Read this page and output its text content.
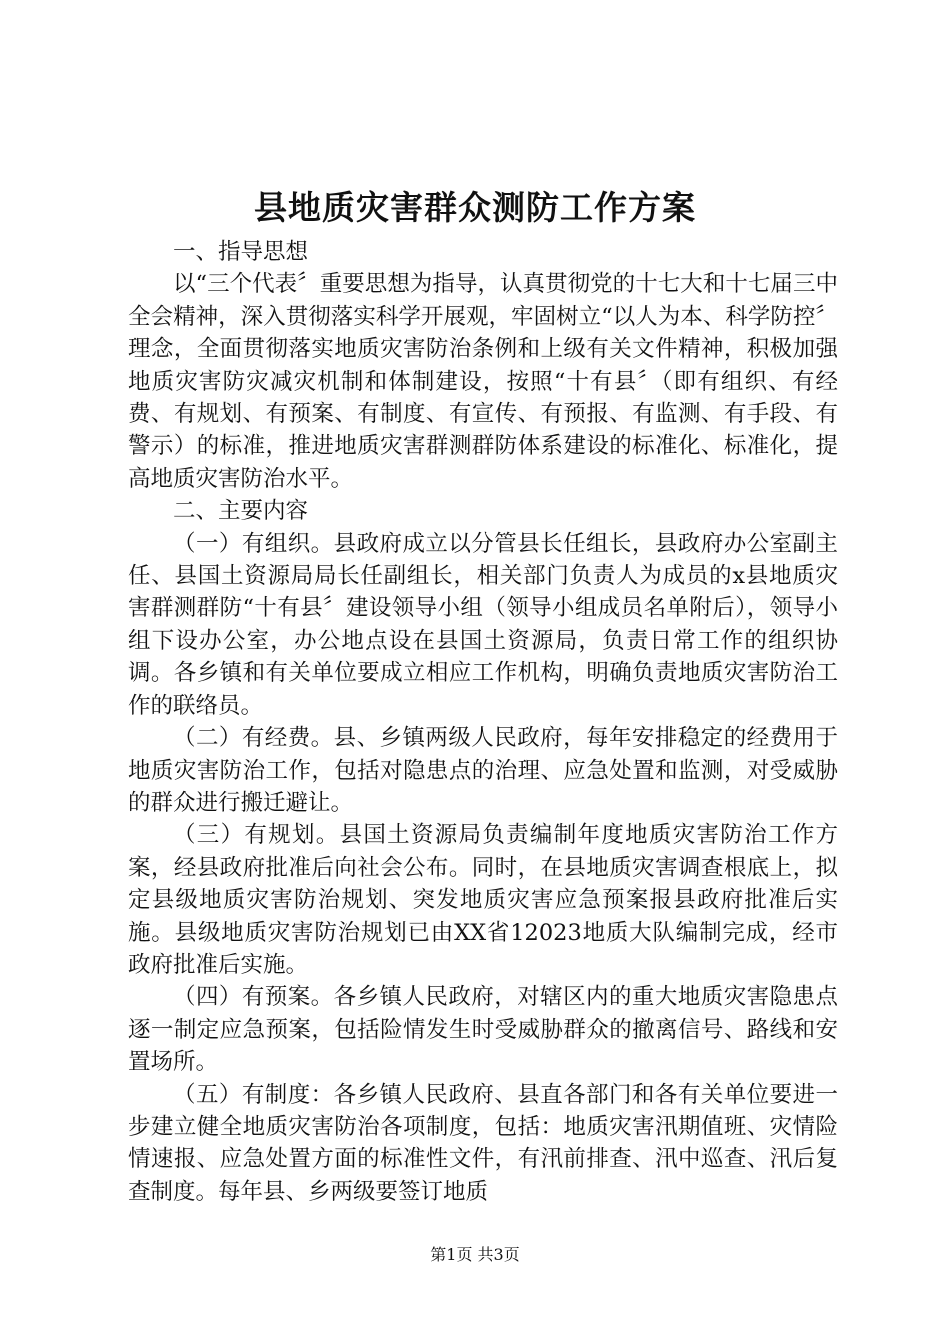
县地质灾害群众测防工作方案

一、指导思想

以“三个代表〞重要思想为指导，认真贯彻党的十七大和十七届三中全会精神，深入贯彻落实科学开展观，牢固树立“以人为本、科学防控〞理念，全面贯彻落实地质灾害防治条例和上级有关文件精神，积极加强地质灾害防灾减灾机制和体制建设，按照“十有县〞（即有组织、有经费、有规划、有预案、有制度、有宣传、有预报、有监测、有手段、有警示）的标准，推进地质灾害群测群防体系建设的标准化、标准化，提高地质灾害防治水平。

二、主要内容

（一）有组织。县政府成立以分管县长任组长，县政府办公室副主任、县国土资源局局长任副组长，相关部门负责人为成员的x县地质灾害群测群防“十有县〞建设领导小组（领导小组成员名单附后），领导小组下设办公室，办公地点设在县国土资源局，负责日常工作的组织协调。各乡镇和有关单位要成立相应工作机构，明确负责地质灾害防治工作的联络员。

（二）有经费。县、乡镇两级人民政府，每年安排稳定的经费用于地质灾害防治工作，包括对隐患点的治理、应急处置和监测，对受威胁的群众进行搬迁避让。

（三）有规划。县国土资源局负责编制年度地质灾害防治工作方案，经县政府批准后向社会公布。同时，在县地质灾害调查根底上，拟定县级地质灾害防治规划、突发地质灾害应急预案报县政府批准后实施。县级地质灾害防治规划已由XX省12023地质大队编制完成，经市政府批准后实施。

（四）有预案。各乡镇人民政府，对辖区内的重大地质灾害隐患点逐一制定应急预案，包括险情发生时受威胁群众的撤离信号、路线和安置场所。

（五）有制度：各乡镇人民政府、县直各部门和各有关单位要进一步建立健全地质灾害防治各项制度，包括：地质灾害汛期值班、灾情险情速报、应急处置方面的标准性文件，有汛前排查、汛中巡查、汛后复查制度。每年县、乡两级要签订地质

第1页 共3页
